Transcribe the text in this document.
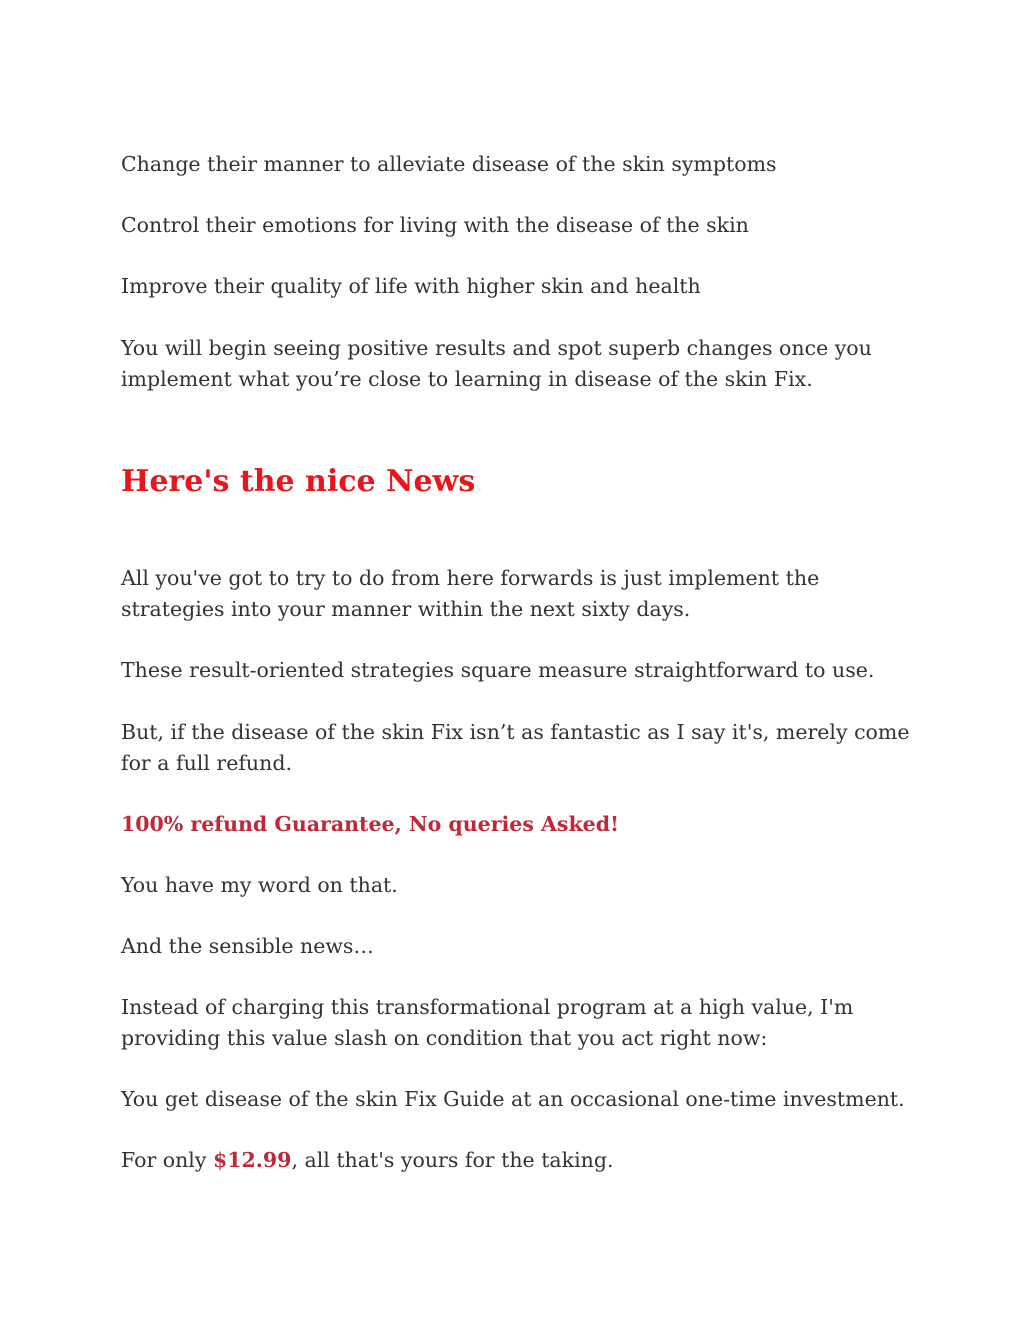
Change their manner to alleviate disease of the skin symptoms

Control their emotions for living with the disease of the skin

Improve their quality of life with higher skin and health

You will begin seeing positive results and spot superb changes once you implement what you’re close to learning in disease of the skin Fix.

Here's the nice News

All you've got to try to do from here forwards is just implement the strategies into your manner within the next sixty days.

These result-oriented strategies square measure straightforward to use.

But, if the disease of the skin Fix isn’t as fantastic as I say it's, merely come for a full refund.

100% refund Guarantee, No queries Asked!

You have my word on that.

And the sensible news…

Instead of charging this transformational program at a high value, I'm providing this value slash on condition that you act right now:

You get disease of the skin Fix Guide at an occasional one-time investment.

For only $12.99, all that's yours for the taking.
